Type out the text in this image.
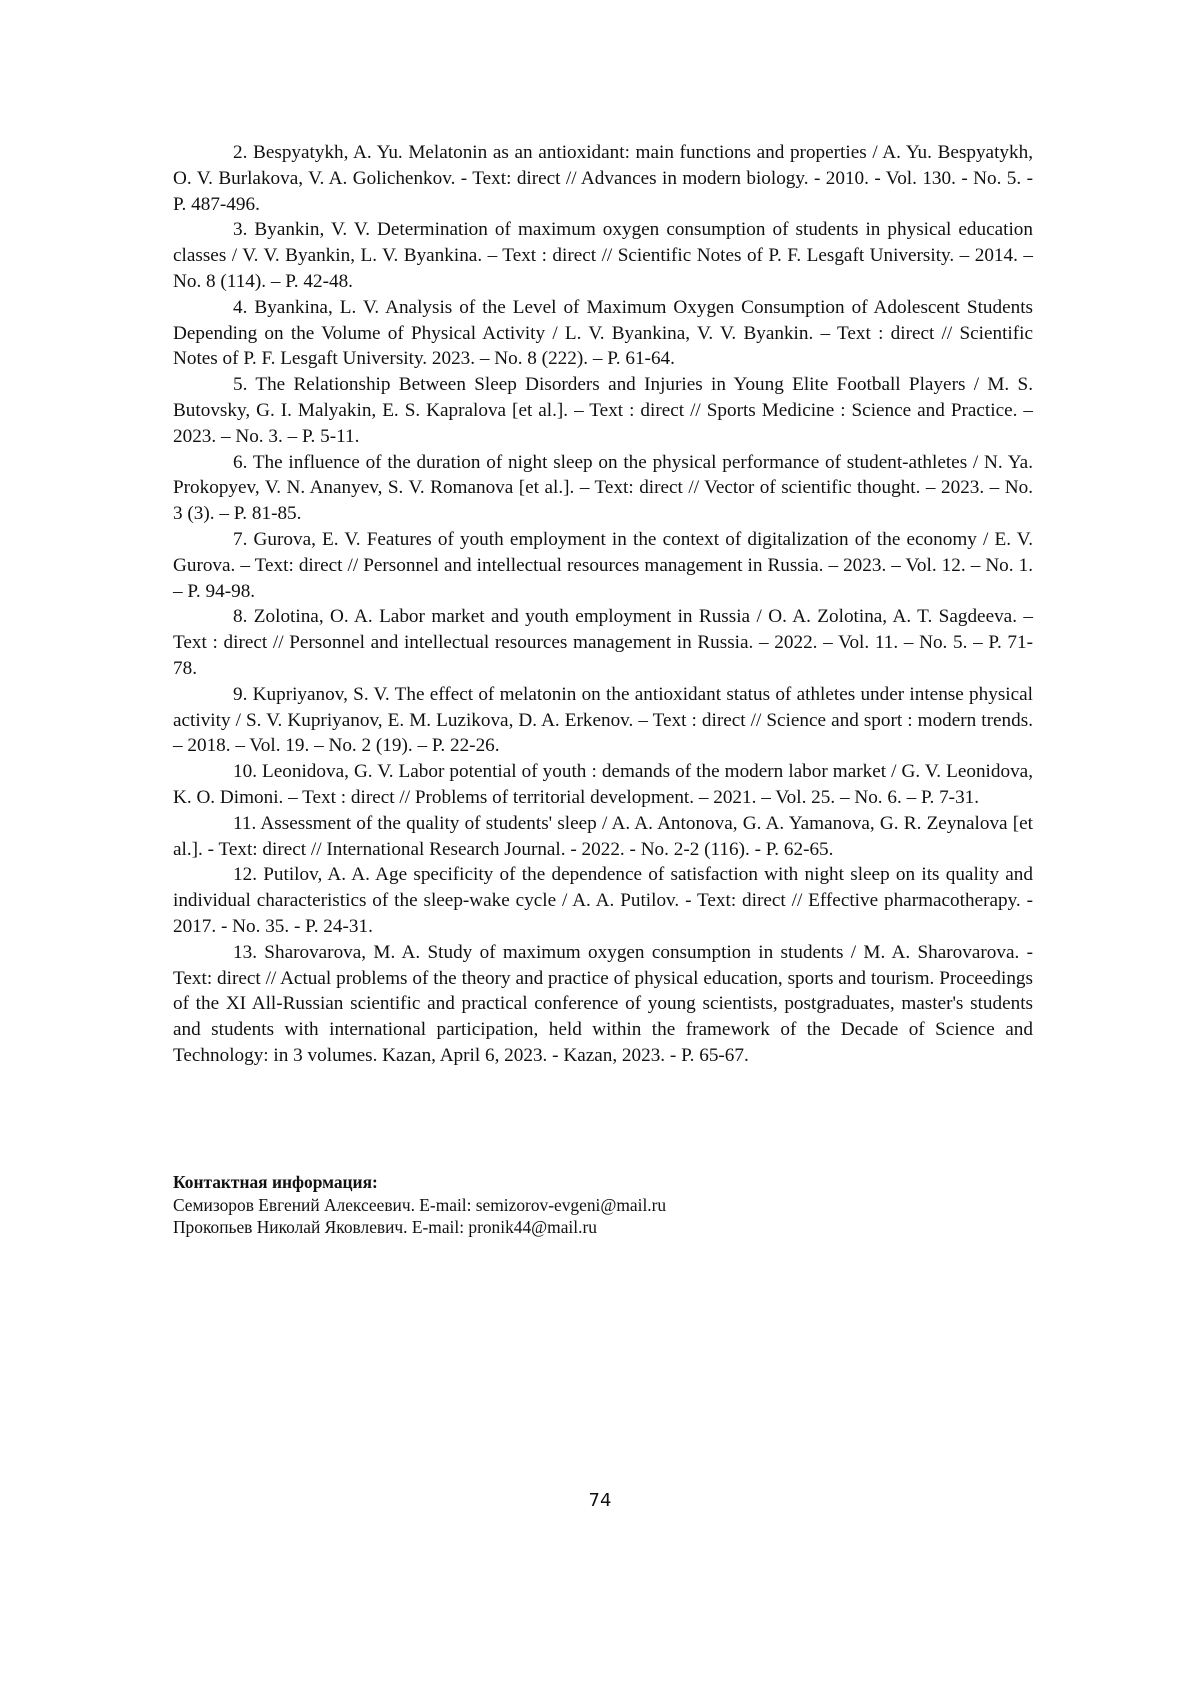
2. Bespyatykh, A. Yu. Melatonin as an antioxidant: main functions and properties / A. Yu. Bespyatykh, O. V. Burlakova, V. A. Golichenkov. - Text: direct // Advances in modern biology. - 2010. - Vol. 130. - No. 5. - P. 487-496.

3. Byankin, V. V. Determination of maximum oxygen consumption of students in physical education classes / V. V. Byankin, L. V. Byankina. – Text : direct // Scientific Notes of P. F. Lesgaft University. – 2014. – No. 8 (114). – P. 42-48.

4. Byankina, L. V. Analysis of the Level of Maximum Oxygen Consumption of Adolescent Students Depending on the Volume of Physical Activity / L. V. Byankina, V. V. Byankin. – Text : direct // Scientific Notes of P. F. Lesgaft University. 2023. – No. 8 (222). – P. 61-64.

5. The Relationship Between Sleep Disorders and Injuries in Young Elite Football Players / M. S. Butovsky, G. I. Malyakin, E. S. Kapralova [et al.]. – Text : direct // Sports Medicine : Science and Practice. – 2023. – No. 3. – P. 5-11.

6. The influence of the duration of night sleep on the physical performance of student-athletes / N. Ya. Prokopyev, V. N. Ananyev, S. V. Romanova [et al.]. – Text: direct // Vector of scientific thought. – 2023. – No. 3 (3). – P. 81-85.

7. Gurova, E. V. Features of youth employment in the context of digitalization of the economy / E. V. Gurova. – Text: direct // Personnel and intellectual resources management in Russia. – 2023. – Vol. 12. – No. 1. – P. 94-98.

8. Zolotina, O. A. Labor market and youth employment in Russia / O. A. Zolotina, A. T. Sagdeeva. – Text : direct // Personnel and intellectual resources management in Russia. – 2022. – Vol. 11. – No. 5. – P. 71-78.

9. Kupriyanov, S. V. The effect of melatonin on the antioxidant status of athletes under intense physical activity / S. V. Kupriyanov, E. M. Luzikova, D. A. Erkenov. – Text : direct // Science and sport : modern trends. – 2018. – Vol. 19. – No. 2 (19). – P. 22-26.

10. Leonidova, G. V. Labor potential of youth : demands of the modern labor market / G. V. Leonidova, K. O. Dimoni. – Text : direct // Problems of territorial development. – 2021. – Vol. 25. – No. 6. – P. 7-31.

11. Assessment of the quality of students' sleep / A. A. Antonova, G. A. Yamanova, G. R. Zeynalova [et al.]. - Text: direct // International Research Journal. - 2022. - No. 2-2 (116). - P. 62-65.

12. Putilov, A. A. Age specificity of the dependence of satisfaction with night sleep on its quality and individual characteristics of the sleep-wake cycle / A. A. Putilov. - Text: direct // Effective pharmacotherapy. - 2017. - No. 35. - P. 24-31.

13. Sharovarova, M. A. Study of maximum oxygen consumption in students / M. A. Sharovarova. - Text: direct // Actual problems of the theory and practice of physical education, sports and tourism. Proceedings of the XI All-Russian scientific and practical conference of young scientists, postgraduates, master's students and students with international participation, held within the framework of the Decade of Science and Technology: in 3 volumes. Kazan, April 6, 2023. - Kazan, 2023. - P. 65-67.

Контактная информация:

Семизоров Евгений Алексеевич. E-mail: semizorov-evgeni@mail.ru

Прокопьев Николай Яковлевич. E-mail: pronik44@mail.ru

74
